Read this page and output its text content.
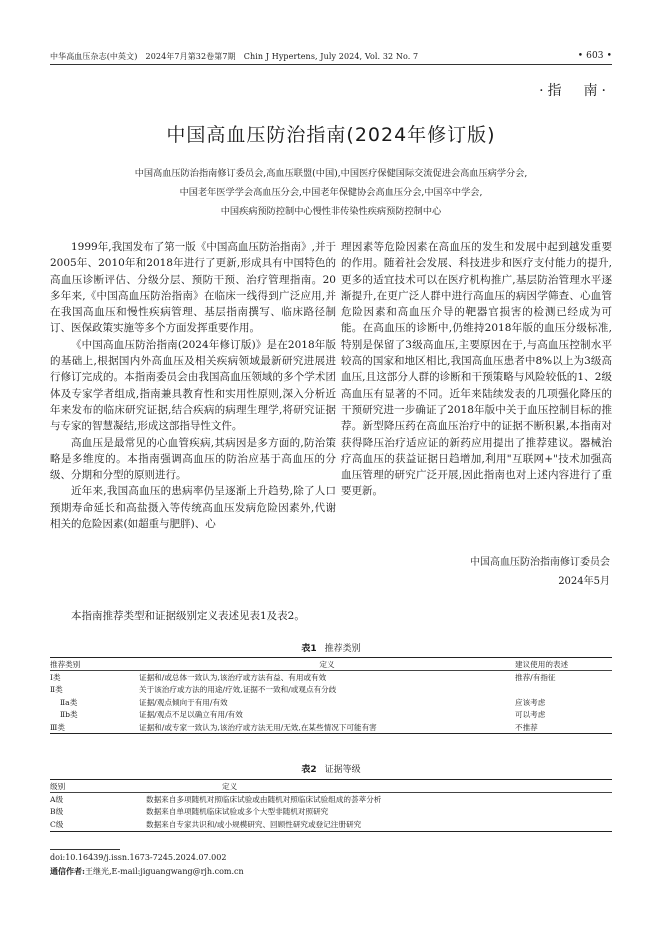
中华高血压杂志(中英文)　2024年7月第32卷第7期　Chin J Hypertens, July 2024, Vol. 32 No. 7	• 603 •
·指　南·
中国高血压防治指南(2024年修订版)
中国高血压防治指南修订委员会,高血压联盟(中国),中国医疗保健国际交流促进会高血压病学分会,
中国老年医学学会高血压分会,中国老年保健协会高血压分会,中国卒中学会,
中国疾病预防控制中心慢性非传染性疾病预防控制中心

1999年,我国发布了第一版《中国高血压防治指南》,并于2005年、2010年和2018年进行了更新,形成具有中国特色的高血压诊断评估、分级分层、预防干预、治疗管理指南。20多年来,《中国高血压防治指南》在临床一线得到广泛应用,并在我国高血压和慢性疾病管理、基层指南撰写、临床路径制订、医保政策实施等多个方面发挥重要作用。

《中国高血压防治指南(2024年修订版)》是在2018年版的基础上,根据国内外高血压及相关疾病领域最新研究进展进行修订完成的。本指南委员会由我国高血压领域的多个学术团体及专家学者组成,指南兼具教育性和实用性原则,深入分析近年来发布的临床研究证据,结合疾病的病理生理学,将研究证据与专家的智慧凝结,形成这部指导性文件。

高血压是最常见的心血管疾病,其病因是多方面的,防治策略是多维度的。本指南强调高血压的防治应基于高血压的分级、分期和分型的原则进行。

近年来,我国高血压的患病率仍呈逐渐上升趋势,除了人口预期寿命延长和高盐摄入等传统高血压发病危险因素外,代谢相关的危险因素(如超重与肥胖)、心

理因素等危险因素在高血压的发生和发展中起到越发重要的作用。随着社会发展、科技进步和医疗支付能力的提升,更多的适宜技术可以在医疗机构推广,基层防治管理水平逐渐提升,在更广泛人群中进行高血压的病因学筛查、心血管危险因素和高血压介导的靶器官损害的检测已经成为可能。在高血压的诊断中,仍维持2018年版的血压分级标准,特别是保留了3级高血压,主要原因在于,与高血压控制水平较高的国家和地区相比,我国高血压患者中8%以上为3级高血压,且这部分人群的诊断和干预策略与风险较低的1、2级高血压有显著的不同。近年来陆续发表的几项强化降压的干预研究进一步确证了2018年版中关于血压控制目标的推荐。新型降压药在高血压治疗中的证据不断积累,本指南对获得降压治疗适应证的新药应用提出了推荐建议。器械治疗高血压的获益证据日趋增加,利用"互联网+"技术加强高血压管理的研究广泛开展,因此指南也对上述内容进行了重要更新。

中国高血压防治指南修订委员会
2024年5月
本指南推荐类型和证据级别定义表述见表1及表2。
表1 推荐类别
推荐类别	定义	建议使用的表述
Ⅰ类	证据和/或总体一致认为,该治疗或方法有益、有用或有效	推荐/有指征
Ⅱ类	关于该治疗或方法的用途/疗效,证据不一致和/或观点有分歧	
Ⅱa类	证据/观点倾向于有用/有效	应该考虑
Ⅱb类	证据/观点不足以确立有用/有效	可以考虑
Ⅲ类	证据和/或专家一致认为,该治疗或方法无用/无效,在某些情况下可能有害	不推荐
表2 证据等级
级别	定义
A级	数据来自多项随机对照临床试验或由随机对照临床试验组成的荟萃分析
B级	数据来自单项随机临床试验或多个大型非随机对照研究
C级	数据来自专家共识和/或小规模研究、回顾性研究或登记注册研究
doi:10.16439/j.issn.1673-7245.2024.07.002
通信作者:王继光,E-mail:jiguangwang@rjh.com.cn
